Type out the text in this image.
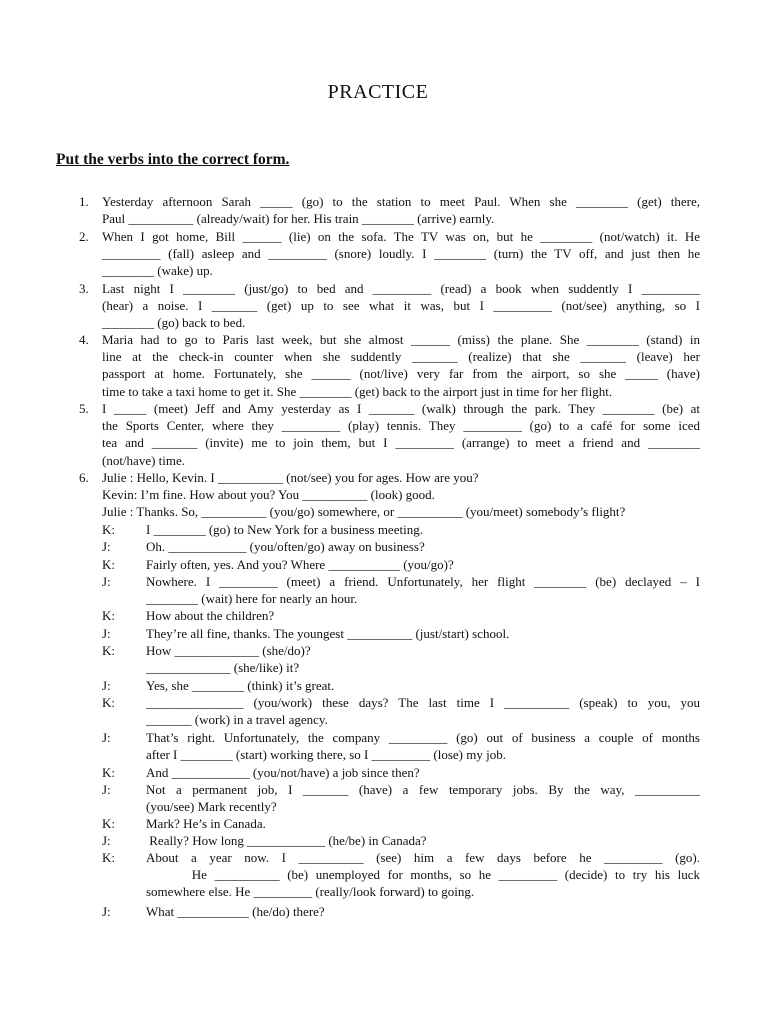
PRACTICE
Put the verbs into the correct form.
1. Yesterday afternoon Sarah _____ (go) to the station to meet Paul. When she ________ (get) there,
Paul __________ (already/wait) for her. His train ________ (arrive) earnly.
2. When I got home, Bill ______ (lie) on the sofa. The TV was on, but he ________ (not/watch) it. He
_________ (fall) asleep and _________ (snore) loudly. I ________ (turn) the TV off, and just then he
________ (wake) up.
3. Last night I ________ (just/go) to bed and _________ (read) a book when suddently I _________
(hear) a noise. I _______ (get) up to see what it was, but I _________ (not/see) anything, so I
________ (go) back to bed.
4. Maria had to go to Paris last week, but she almost ______ (miss) the plane. She ________ (stand) in
line at the check-in counter when she suddently _______ (realize) that she _______ (leave) her
passport at home. Fortunately, she ______ (not/live) very far from the airport, so she _____ (have)
time to take a taxi home to get it. She ________ (get) back to the airport just in time for her flight.
5. I _____ (meet) Jeff and Amy yesterday as I _______ (walk) through the park. They ________ (be) at
the Sports Center, where they _________ (play) tennis. They _________ (go) to a café for some iced
tea and _______ (invite) me to join them, but I _________ (arrange) to meet a friend and ________
(not/have) time.
6. Julie : Hello, Kevin. I __________ (not/see) you for ages. How are you?
Kevin: I’m fine. How about you? You __________ (look) good.
Julie : Thanks. So, __________ (you/go) somewhere, or __________ (you/meet) somebody’s flight?
K: I ________ (go) to New York for a business meeting.
J:	Oh. ____________ (you/often/go) away on business?
K: Fairly often, yes. And you? Where ___________ (you/go)?
J:	Nowhere. I _________ (meet) a friend. Unfortunately, her flight ________ (be) declayed – I
________ (wait) here for nearly an hour.
K: How about the children?
J:	They’re all fine, thanks. The youngest __________ (just/start) school.
K: How _____________ (she/do)?
_____________ (she/like) it?
J:	Yes, she ________ (think) it’s great.
K: _______________ (you/work) these days? The last time I __________ (speak) to you, you
_______ (work) in a travel agency.
J:	That’s right. Unfortunately, the company _________ (go) out of business a couple of months
after I ________ (start) working there, so I _________ (lose) my job.
K: And ____________ (you/not/have) a job since then?
J:	Not a permanent job, I _______ (have) a few temporary jobs. By the way, __________
(you/see) Mark recently?
K: Mark? He’s in Canada.
J:	Really? How long ____________ (he/be) in Canada?
K: About a year now. I __________ (see) him a few days before he _________ (go).
He __________ (be) unemployed for months, so he _________ (decide) to try his luck
somewhere else. He _________ (really/look forward) to going.
J:	What ___________ (he/do) there?
